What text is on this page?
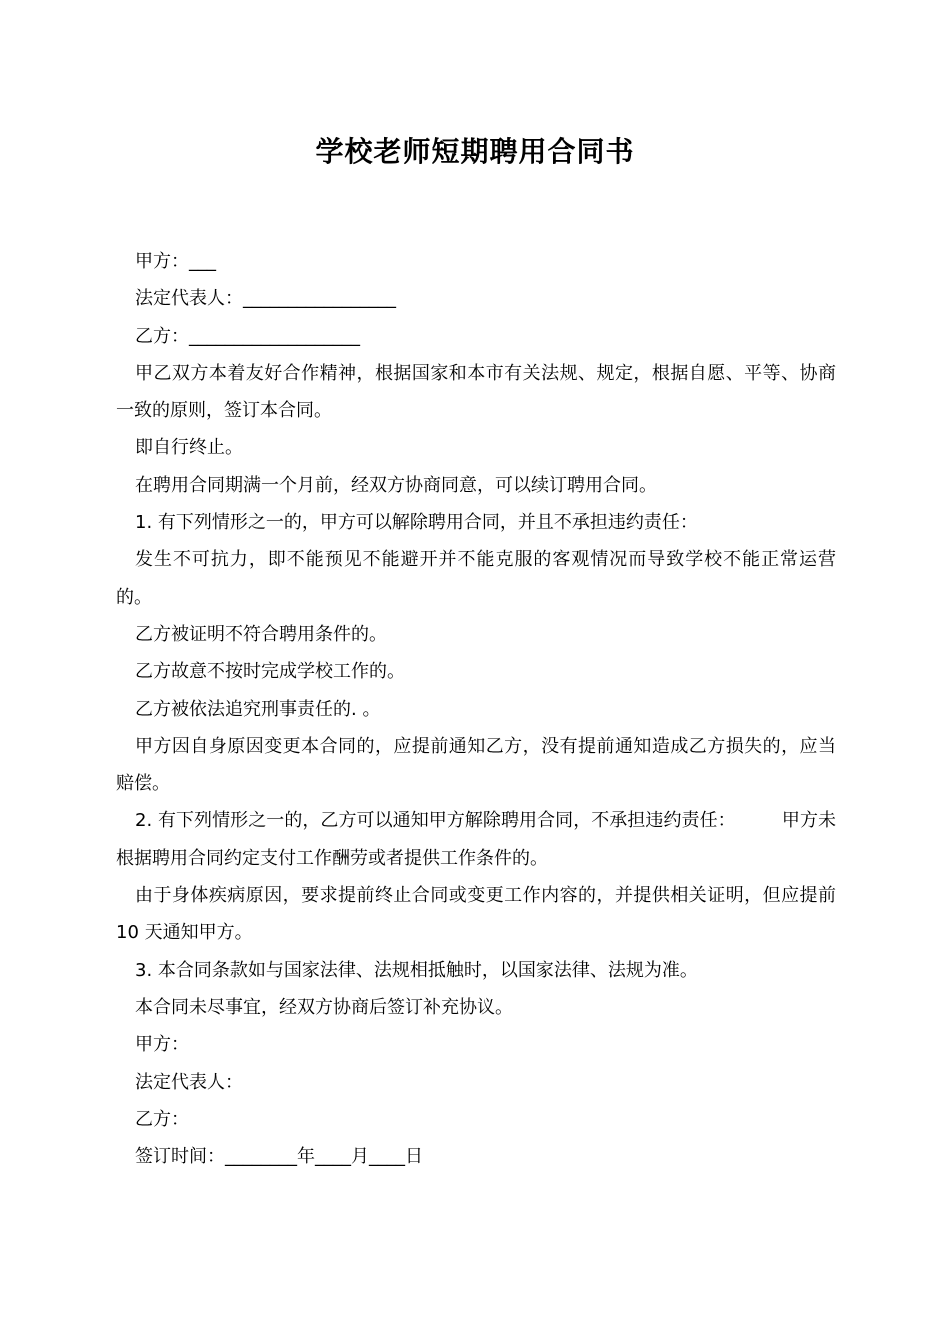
学校老师短期聘用合同书

甲方：___

法定代表人：_________________

乙方：___________________

甲乙双方本着友好合作精神，根据国家和本市有关法规、规定，根据自愿、平等、协商一致的原则，签订本合同。

即自行终止。

在聘用合同期满一个月前，经双方协商同意，可以续订聘用合同。

1. 有下列情形之一的，甲方可以解除聘用合同，并且不承担违约责任：

发生不可抗力，即不能预见不能避开并不能克服的客观情况而导致学校不能正常运营的。

乙方被证明不符合聘用条件的。

乙方故意不按时完成学校工作的。

乙方被依法追究刑事责任的. 。

甲方因自身原因变更本合同的，应提前通知乙方，没有提前通知造成乙方损失的，应当赔偿。

2. 有下列情形之一的，乙方可以通知甲方解除聘用合同，不承担违约责任：        甲方未根据聘用合同约定支付工作酬劳或者提供工作条件的。

由于身体疾病原因，要求提前终止合同或变更工作内容的，并提供相关证明，但应提前 10 天通知甲方。

3. 本合同条款如与国家法律、法规相抵触时，以国家法律、法规为准。

本合同未尽事宜，经双方协商后签订补充协议。

甲方：

法定代表人：

乙方：

签订时间：________年____月____日
